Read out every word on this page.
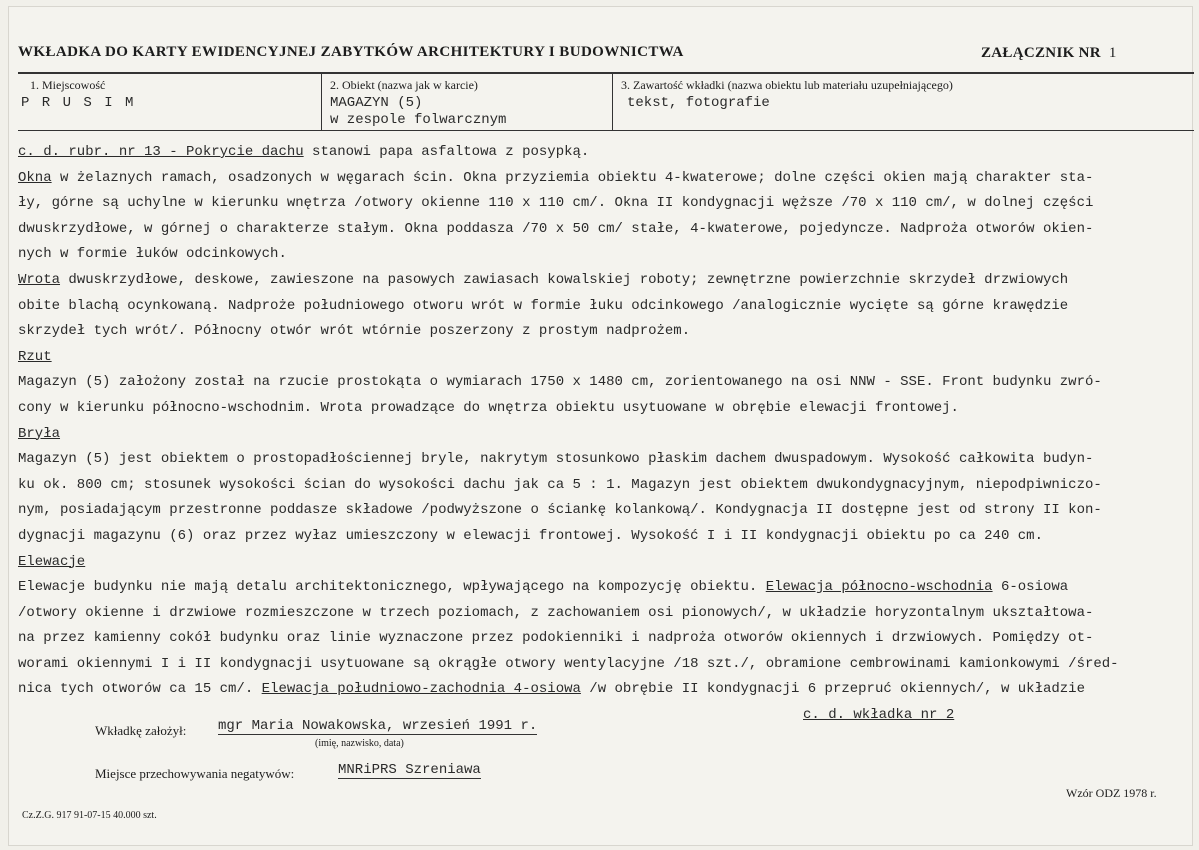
WKŁADKA DO KARTY EWIDENCYJNEJ ZABYTKÓW ARCHITEKTURY I BUDOWNICTWA	ZAŁĄCZNIK NR 1
1. Miejscowość
P R U S I M
2. Obiekt (nazwa jak w karcie)
MAGAZYN (5)
w zespole folwarcznym
3. Zawartość wkładki (nazwa obiektu lub materiału uzupełniającego)
tekst, fotografie
c. d. rubr. nr 13 - Pokrycie dachu stanowi papa asfaltowa z posypką.
Okna w żelaznych ramach, osadzonych w węgarach ścin. Okna przyziemia obiektu 4-kwaterowe; dolne części okien mają charakter sta-
ły, górne są uchylne w kierunku wnętrza /otwory okienne 110 x 110 cm/. Okna II kondygnacji węższe /70 x 110 cm/, w dolnej części
dwuskrzydłowe, w górnej o charakterze stałym. Okna poddasza /70 x 50 cm/ stałe, 4-kwaterowe, pojedyncze. Nadproża otworów okien-
nych w formie łuków odcinkowych.
Wrota dwuskrzydłowe, deskowe, zawieszone na pasowych zawiasach kowalskiej roboty; zewnętrzne powierzchnie skrzydeł drzwiowych
obite blachą ocynkowaną. Nadproże południowego otworu wrót w formie łuku odcinkowego /analogicznie wycięte są górne krawędzie
skrzydeł tych wrót/. Północny otwór wrót wtórnie poszerzony z prostym nadprożem.
Rzut
Magazyn (5) założony został na rzucie prostokąta o wymiarach 1750 x 1480 cm, zorientowanego na osi NNW - SSE. Front budynku zwró-
cony w kierunku północno-wschodnim. Wrota prowadzące do wnętrza obiektu usytuowane w obrębie elewacji frontowej.
Bryła
Magazyn (5) jest obiektem o prostopadłościennej bryle, nakrytym stosunkowo płaskim dachem dwuspadowym. Wysokość całkowita budyn-
ku ok. 800 cm; stosunek wysokości ścian do wysokości dachu jak ca 5 : 1. Magazyn jest obiektem dwukondygnacyjnym, niepodpiwniczo-
nym, posiadającym przestronne poddasze składowe /podwyższone o ściankę kolankową/. Kondygnacja II dostępne jest od strony II kon-
dygnacji magazynu (6) oraz przez wyłaz umieszczony w elewacji frontowej. Wysokość I i II kondygnacji obiektu po ca 240 cm.
Elewacje
Elewacje budynku nie mają detalu architektonicznego, wpływającego na kompozycję obiektu. Elewacja północno-wschodnia 6-osiowa
/otwory okienne i drzwiowe rozmieszczone w trzech poziomach, z zachowaniem osi pionowych/, w układzie horyzontalnym ukształtowa-
na przez kamienny cokół budynku oraz linie wyznaczone przez podokienniki i nadproża otworów okiennych i drzwiowych. Pomiędzy ot-
worami okiennymi I i II kondygnacji usytuowane są okrągłe otwory wentylacyjne /18 szt./, obramione cembrowinami kamionkowymi /śred-
nica tych otworów ca 15 cm/. Elewacja południowo-zachodnia 4-osiowa /w obrębie II kondygnacji 6 przepruć okiennych/, w układzie
c. d. wkładka nr 2
Wkładkę założył: mgr Maria Nowakowska, wrzesień 1991 r.
(imię, nazwisko, data)
Miejsce przechowywania negatywów:	MNRiPRS Szreniawa
Cz.Z.G. 917 91-07-15 40.000 szt.
Wzór ODZ 1978 r.
